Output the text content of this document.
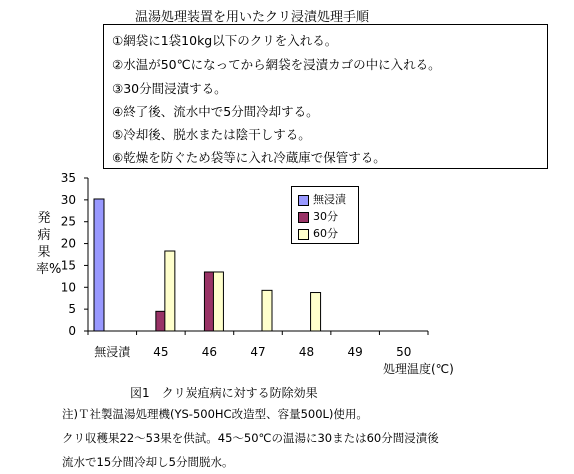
温湯処理装置を用いたクリ浸漬処理手順
①網袋に1袋10kg以下のクリを入れる。
②水温が50℃になってから網袋を浸漬カゴの中に入れる。
③30分間浸漬する。
④終了後、流水中で5分間冷却する。
⑤冷却後、脱水または陰干しする。
⑥乾燥を防ぐため袋等に入れ冷蔵庫で保管する。
発病果率%
0
5
10
15
20
25
30
35
無浸漬 45	46	47	48	49	50
無浸漬
30分
60分
処理温度(℃)
図1　クリ炭疽病に対する防除効果
注)Ｔ社製温湯処理機(YS-500HC改造型、容量500L)使用。
クリ収穫果22～53果を供試。45～50℃の温湯に30または60分間浸漬後
流水で15分間冷却し5分間脱水。
